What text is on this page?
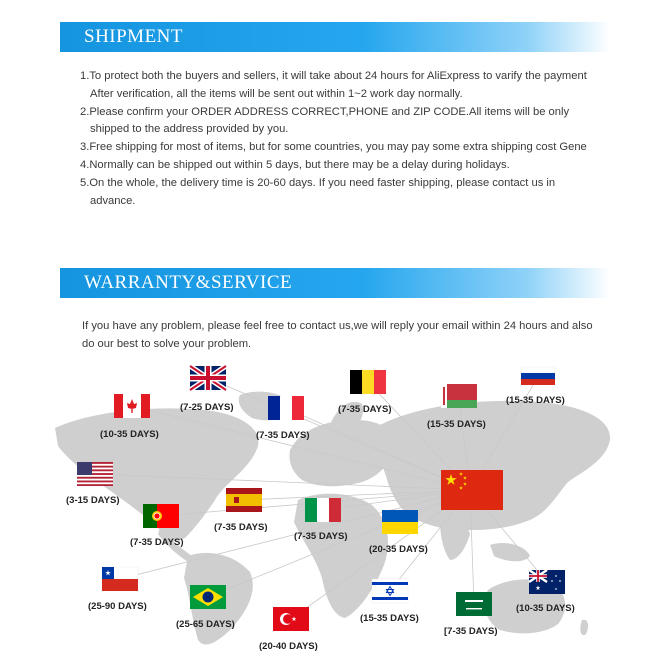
SHIPMENT
1.To protect both the buyers and sellers, it will take about 24 hours for AliExpress to varify the payment After verification, all the items will be sent out within 1~2 work day normally.
2.Please confirm your ORDER ADDRESS CORRECT,PHONE and ZIP CODE.All items will be only shipped to the address provided by you.
3.Free shipping for most of items, but for some countries, you may pay some extra shipping cost Gene
4.Normally can be shipped out within 5 days, but there may be a delay during holidays.
5.On the whole, the delivery time is 20-60 days. If you need faster shipping, please contact us in advance.
WARRANTY&SERVICE
If you have any problem, please feel free to contact us,we will reply your email within 24 hours and also do our best to solve your problem.
(10-35 DAYS)
(7-25 DAYS)
(7-35 DAYS)
(7-35 DAYS)
(15-35 DAYS)
(15-35 DAYS)
(3-15 DAYS)
(7-35 DAYS)
(7-35 DAYS)
(7-35 DAYS)
(20-35 DAYS)
(25-90 DAYS)
(25-65 DAYS)
(20-40 DAYS)
(15-35 DAYS)
[7-35 DAYS)
(10-35 DAYS)
